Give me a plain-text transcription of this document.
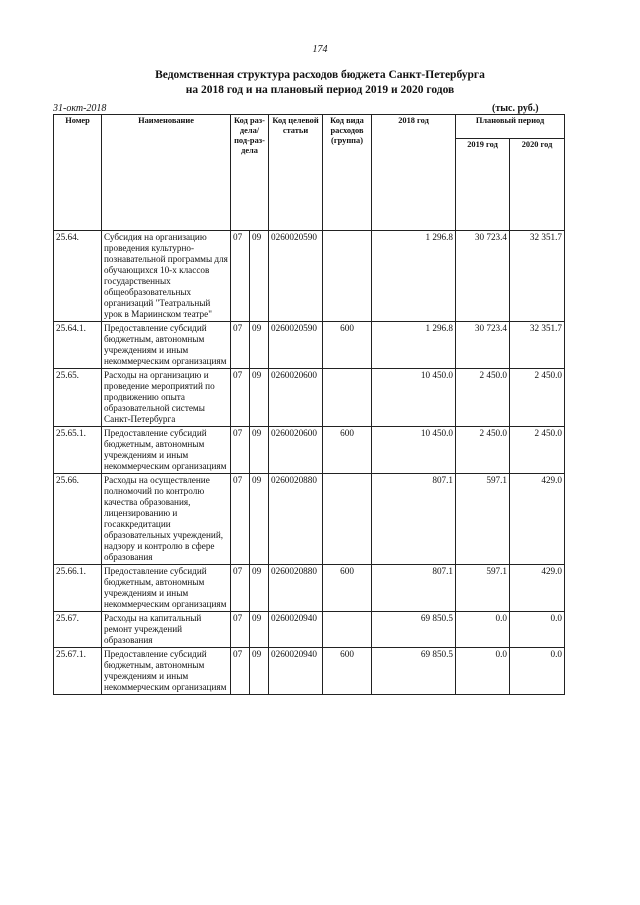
174
Ведомственная структура расходов бюджета Санкт-Петербурга
на 2018 год и на плановый период 2019 и 2020 годов
31-окт-2018	(тыс. руб.)
Номер	Наименование	Код раз-дела/ под-раз-дела		Код целевой статьи	Код вида расходов (группа)	2018 год	Плановый период	
							2019 год	2020 год
25.64.	Субсидия на организацию проведения культурно-познавательной программы для обучающихся 10-х классов государственных общеобразовательных организаций "Театральный урок в Мариинском театре"	07	09	0260020590		1 296.8	30 723.4	32 351.7
25.64.1.	Предоставление субсидий бюджетным, автономным учреждениям и иным некоммерческим организациям	07	09	0260020590	600	1 296.8	30 723.4	32 351.7
25.65.	Расходы на организацию и проведение мероприятий по продвижению опыта образовательной системы Санкт-Петербурга	07	09	0260020600		10 450.0	2 450.0	2 450.0
25.65.1.	Предоставление субсидий бюджетным, автономным учреждениям и иным некоммерческим организациям	07	09	0260020600	600	10 450.0	2 450.0	2 450.0
25.66.	Расходы на осуществление полномочий по контролю качества образования, лицензированию и госаккредитации образовательных учреждений, надзору и контролю в сфере образования	07	09	0260020880		807.1	597.1	429.0
25.66.1.	Предоставление субсидий бюджетным, автономным учреждениям и иным некоммерческим организациям	07	09	0260020880	600	807.1	597.1	429.0
25.67.	Расходы на капитальный ремонт учреждений образования	07	09	0260020940		69 850.5	0.0	0.0
25.67.1.	Предоставление субсидий бюджетным, автономным учреждениям и иным некоммерческим организациям	07	09	0260020940	600	69 850.5	0.0	0.0
